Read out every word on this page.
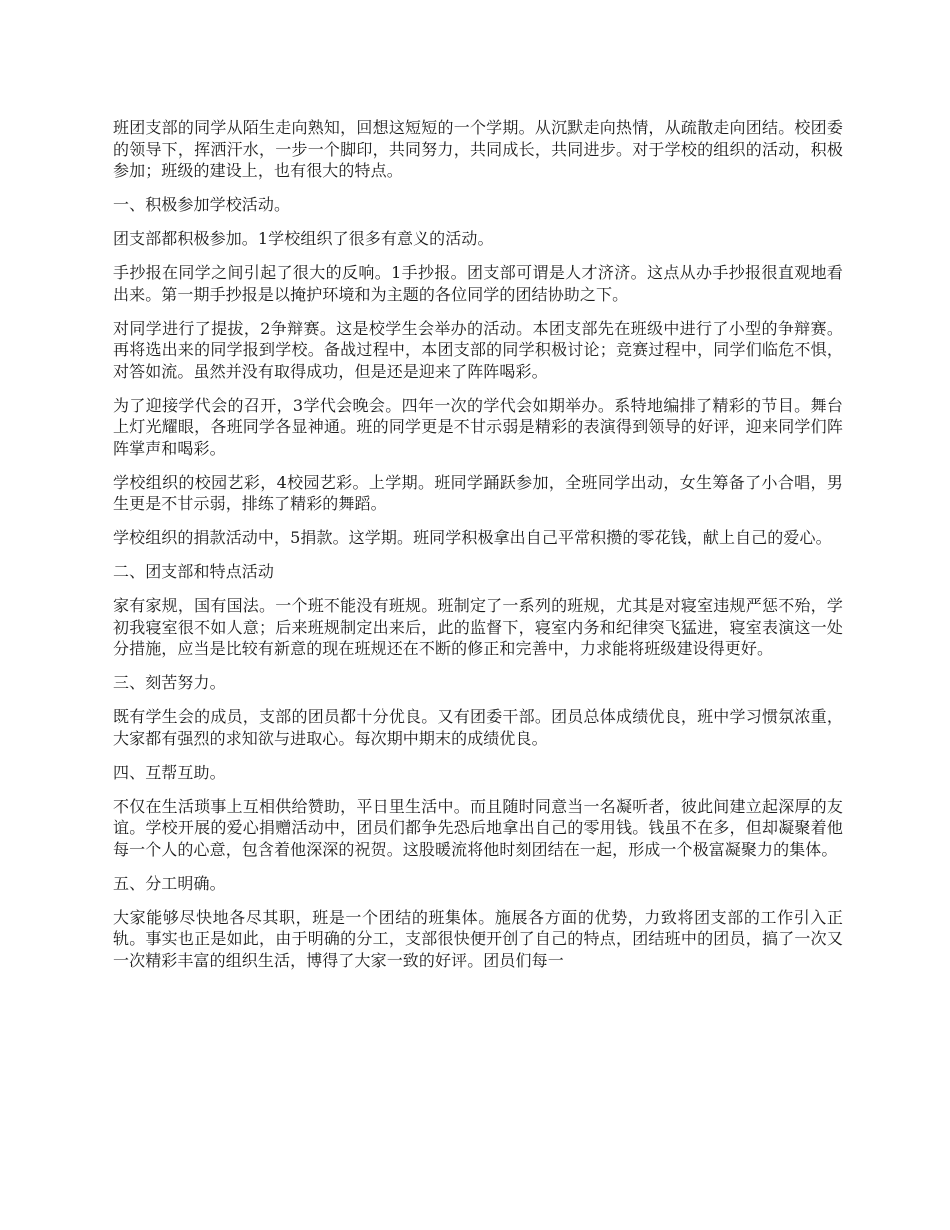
班团支部的同学从陌生走向熟知，回想这短短的一个学期。从沉默走向热情，从疏散走向团结。校团委的领导下，挥洒汗水，一步一个脚印，共同努力，共同成长，共同进步。对于学校的组织的活动，积极参加；班级的建设上，也有很大的特点。

一、积极参加学校活动。

团支部都积极参加。1学校组织了很多有意义的活动。

手抄报在同学之间引起了很大的反响。1手抄报。团支部可谓是人才济济。这点从办手抄报很直观地看出来。第一期手抄报是以掩护环境和为主题的各位同学的团结协助之下。

对同学进行了提拔，2争辩赛。这是校学生会举办的活动。本团支部先在班级中进行了小型的争辩赛。再将选出来的同学报到学校。备战过程中，本团支部的同学积极讨论；竞赛过程中，同学们临危不惧，对答如流。虽然并没有取得成功，但是还是迎来了阵阵喝彩。

为了迎接学代会的召开，3学代会晚会。四年一次的学代会如期举办。系特地编排了精彩的节目。舞台上灯光耀眼，各班同学各显神通。班的同学更是不甘示弱是精彩的表演得到领导的好评，迎来同学们阵阵掌声和喝彩。

学校组织的校园艺彩，4校园艺彩。上学期。班同学踊跃参加，全班同学出动，女生筹备了小合唱，男生更是不甘示弱，排练了精彩的舞蹈。

学校组织的捐款活动中，5捐款。这学期。班同学积极拿出自己平常积攒的零花钱，献上自己的爱心。

二、团支部和特点活动

家有家规，国有国法。一个班不能没有班规。班制定了一系列的班规，尤其是对寝室违规严惩不殆，学初我寝室很不如人意；后来班规制定出来后，此的监督下，寝室内务和纪律突飞猛进，寝室表演这一处分措施，应当是比较有新意的现在班规还在不断的修正和完善中，力求能将班级建设得更好。

三、刻苦努力。

既有学生会的成员，支部的团员都十分优良。又有团委干部。团员总体成绩优良，班中学习惯氛浓重，大家都有强烈的求知欲与进取心。每次期中期末的成绩优良。

四、互帮互助。

不仅在生活琐事上互相供给赞助，平日里生活中。而且随时同意当一名凝听者，彼此间建立起深厚的友谊。学校开展的爱心捐赠活动中，团员们都争先恐后地拿出自己的零用钱。钱虽不在多，但却凝聚着他每一个人的心意，包含着他深深的祝贺。这股暖流将他时刻团结在一起，形成一个极富凝聚力的集体。

五、分工明确。

大家能够尽快地各尽其职，班是一个团结的班集体。施展各方面的优势，力致将团支部的工作引入正轨。事实也正是如此，由于明确的分工，支部很快便开创了自己的特点，团结班中的团员，搞了一次又一次精彩丰富的组织生活，博得了大家一致的好评。团员们每一
